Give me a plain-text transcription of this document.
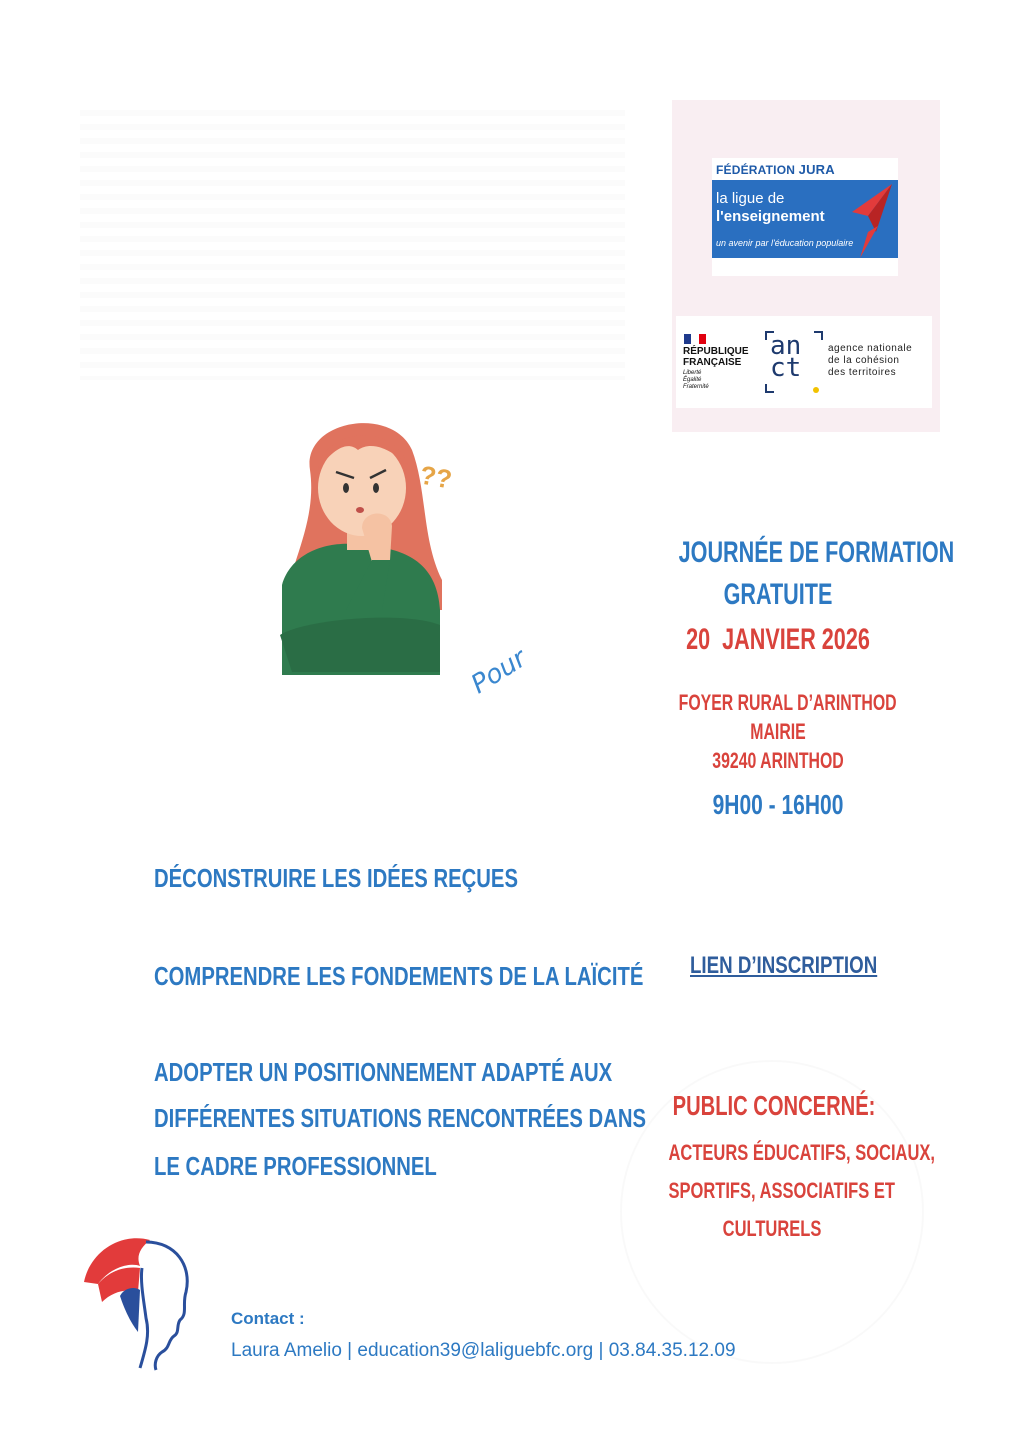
FÉDÉRATION JURA
la ligue de
l'enseignement
un avenir par l'éducation populaire
RÉPUBLIQUE
FRANÇAISE
Liberté
Égalité
Fraternité
an
ct
agence nationale
de la cohésion
des territoires
??
Pour
JOURNÉE DE FORMATION
GRATUITE
20  JANVIER 2026
FOYER RURAL D’ARINTHOD
MAIRIE
39240 ARINTHOD
9H00 - 16H00
DÉCONSTRUIRE LES IDÉES REÇUES
COMPRENDRE LES FONDEMENTS DE LA LAÏCITÉ
ADOPTER UN POSITIONNEMENT ADAPTÉ AUX
DIFFÉRENTES SITUATIONS RENCONTRÉES DANS
LE CADRE PROFESSIONNEL
LIEN D’INSCRIPTION
PUBLIC CONCERNÉ:
ACTEURS ÉDUCATIFS, SOCIAUX,
SPORTIFS, ASSOCIATIFS ET
CULTURELS
Contact :
Laura Amelio | education39@laliguebfc.org | 03.84.35.12.09
